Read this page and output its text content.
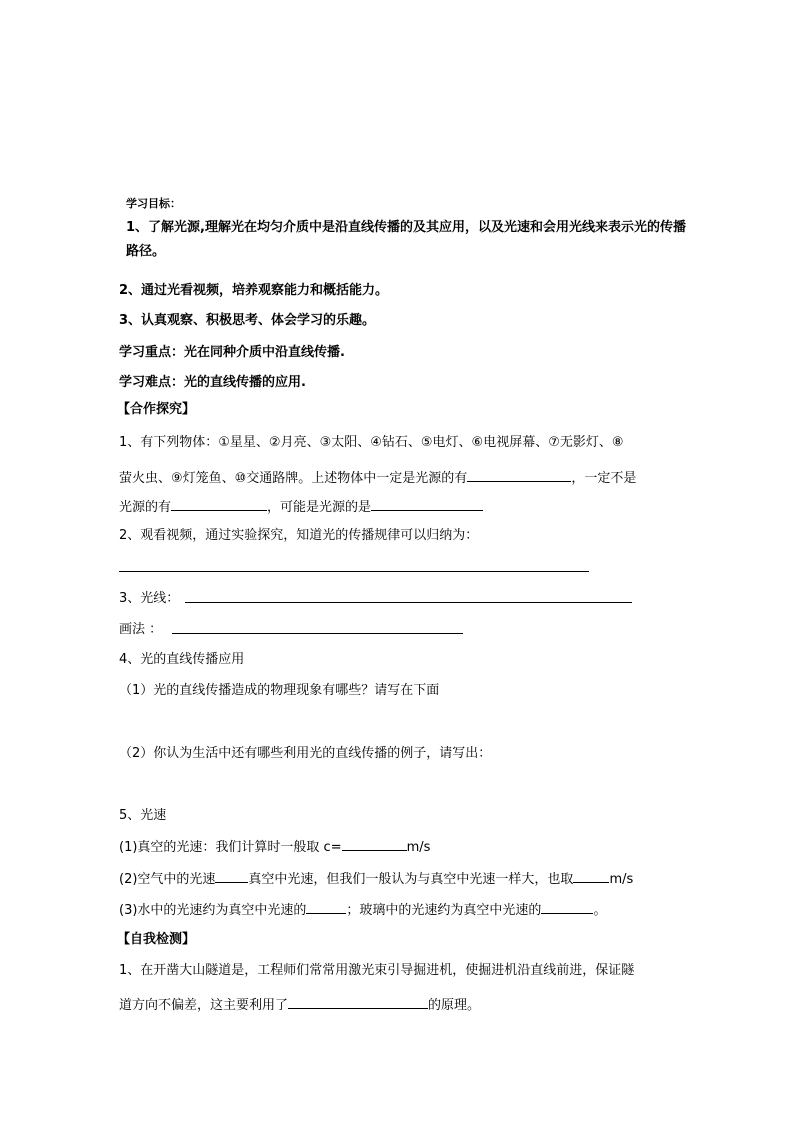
学习目标：
1、了解光源,理解光在均匀介质中是沿直线传播的及其应用，以及光速和会用光线来表示光的传播
路径。
2、通过光看视频，培养观察能力和概括能力。
3、认真观察、积极思考、体会学习的乐趣。
学习重点：光在同种介质中沿直线传播.
学习难点：光的直线传播的应用.
【合作探究】
1、有下列物体：①星星、②月亮、③太阳、④钻石、⑤电灯、⑥电视屏幕、⑦无影灯、⑧
萤火虫、⑨灯笼鱼、⑩交通路牌。上述物体中一定是光源的有	，一定不是
光源的有	，可能是光源的是
2、观看视频，通过实验探究，知道光的传播规律可以归纳为：
3、光线：
画法 ：
4、光的直线传播应用
（1）光的直线传播造成的物理现象有哪些？请写在下面
（2）你认为生活中还有哪些利用光的直线传播的例子，请写出：
5、光速
(1)真空的光速：我们计算时一般取 c=	m/s
(2)空气中的光速	真空中光速，但我们一般认为与真空中光速一样大，也取	m/s
(3)水中的光速约为真空中光速的	；玻璃中的光速约为真空中光速的	。
【自我检测】
1、在开凿大山隧道是，工程师们常常用激光束引导掘进机，使掘进机沿直线前进，保证隧
道方向不偏差，这主要利用了	的原理。
